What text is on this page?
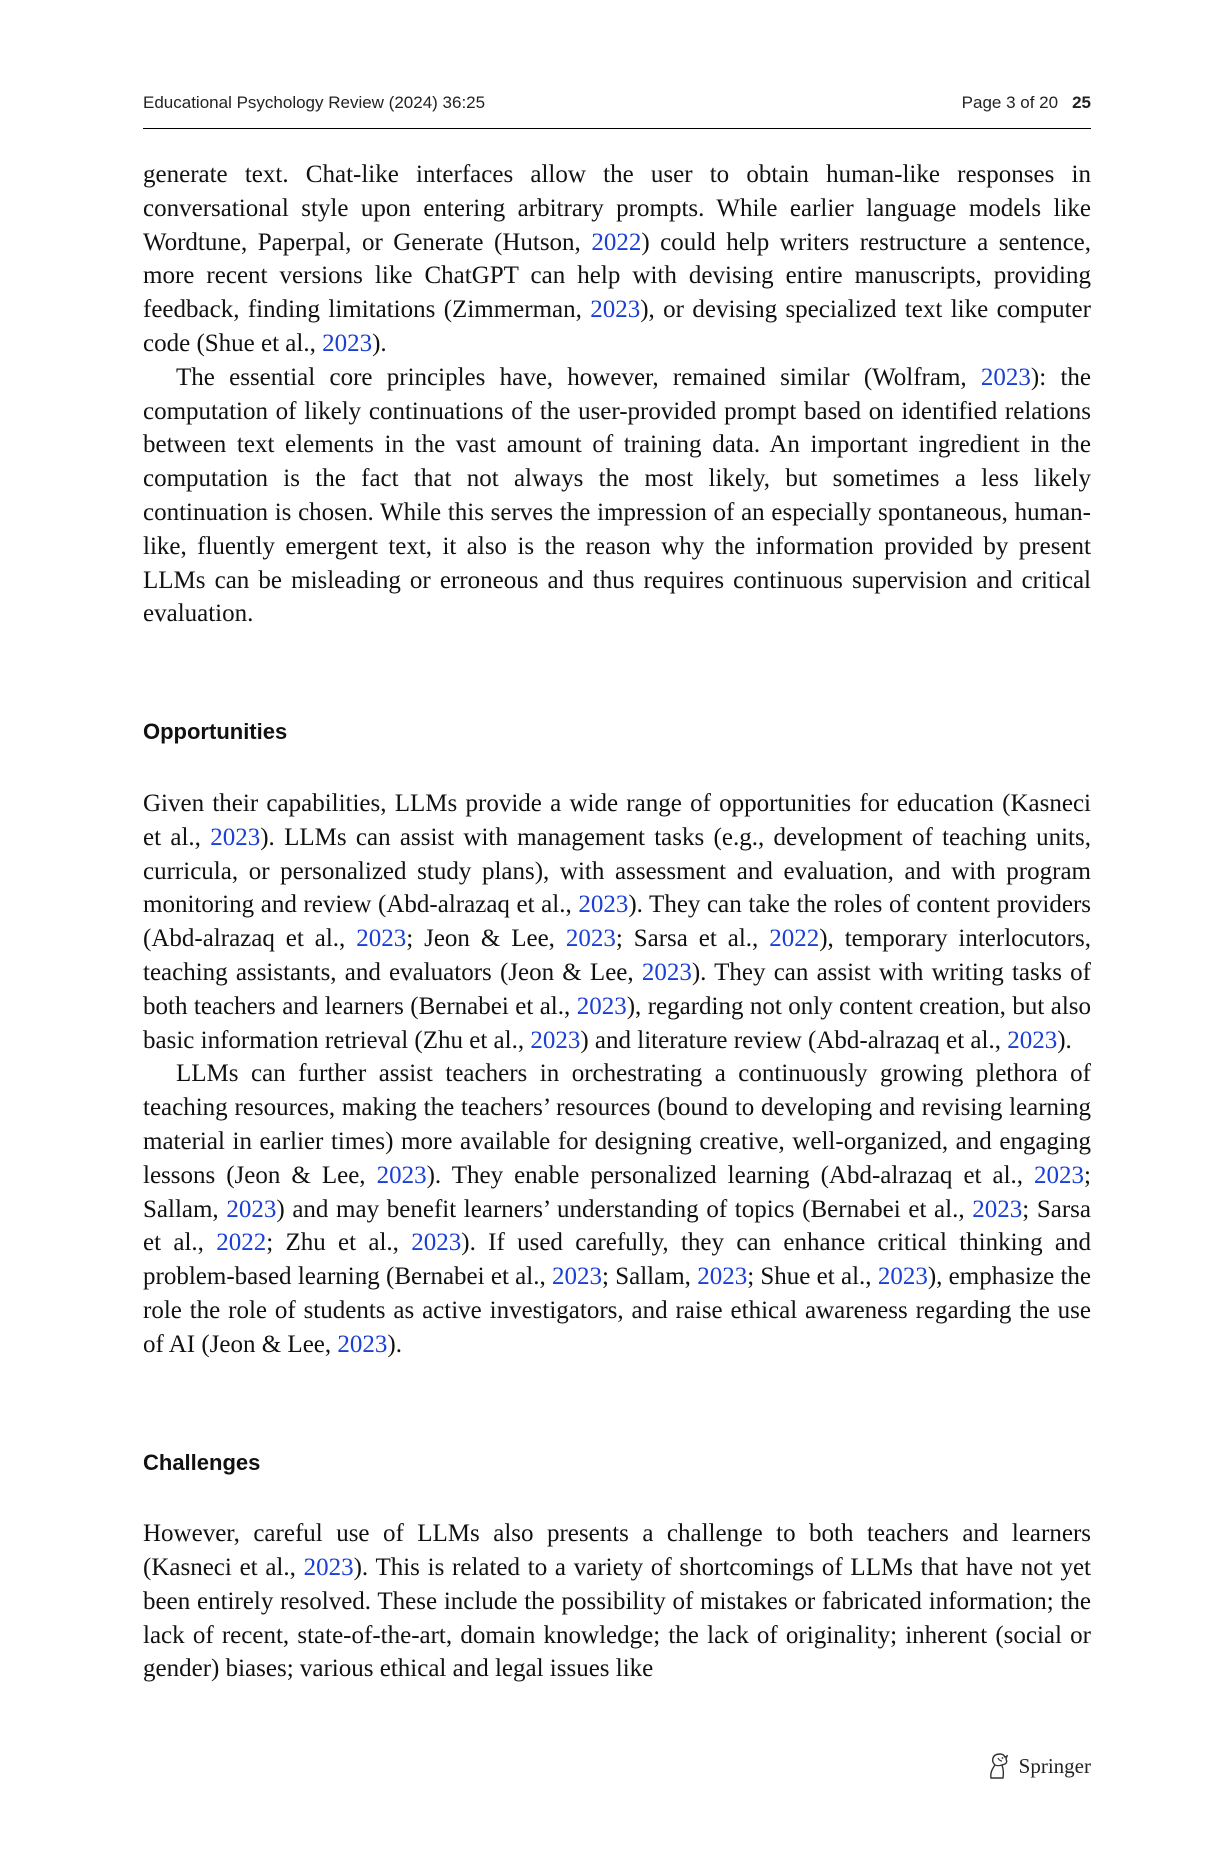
Educational Psychology Review (2024) 36:25	Page 3 of 20 25

generate text. Chat-like interfaces allow the user to obtain human-like responses in conversational style upon entering arbitrary prompts. While earlier language models like Wordtune, Paperpal, or Generate (Hutson, 2022) could help writers restructure a sentence, more recent versions like ChatGPT can help with devising entire manuscripts, providing feedback, finding limitations (Zimmerman, 2023), or devising specialized text like computer code (Shue et al., 2023).

The essential core principles have, however, remained similar (Wolfram, 2023): the computation of likely continuations of the user-provided prompt based on identified relations between text elements in the vast amount of training data. An important ingredient in the computation is the fact that not always the most likely, but sometimes a less likely continuation is chosen. While this serves the impression of an especially spontaneous, human-like, fluently emergent text, it also is the reason why the information provided by present LLMs can be misleading or erroneous and thus requires continuous supervision and critical evaluation.

Opportunities

Given their capabilities, LLMs provide a wide range of opportunities for education (Kasneci et al., 2023). LLMs can assist with management tasks (e.g., development of teaching units, curricula, or personalized study plans), with assessment and evaluation, and with program monitoring and review (Abd-alrazaq et al., 2023). They can take the roles of content providers (Abd-alrazaq et al., 2023; Jeon & Lee, 2023; Sarsa et al., 2022), temporary interlocutors, teaching assistants, and evaluators (Jeon & Lee, 2023). They can assist with writing tasks of both teachers and learners (Bernabei et al., 2023), regarding not only content creation, but also basic information retrieval (Zhu et al., 2023) and literature review (Abd-alrazaq et al., 2023).

LLMs can further assist teachers in orchestrating a continuously growing plethora of teaching resources, making the teachers’ resources (bound to developing and revising learning material in earlier times) more available for designing creative, well-organized, and engaging lessons (Jeon & Lee, 2023). They enable personalized learning (Abd-alrazaq et al., 2023; Sallam, 2023) and may benefit learners’ understanding of topics (Bernabei et al., 2023; Sarsa et al., 2022; Zhu et al., 2023). If used carefully, they can enhance critical thinking and problem-based learning (Bernabei et al., 2023; Sallam, 2023; Shue et al., 2023), emphasize the role the role of students as active investigators, and raise ethical awareness regarding the use of AI (Jeon & Lee, 2023).

Challenges

However, careful use of LLMs also presents a challenge to both teachers and learners (Kasneci et al., 2023). This is related to a variety of shortcomings of LLMs that have not yet been entirely resolved. These include the possibility of mistakes or fabricated information; the lack of recent, state-of-the-art, domain knowledge; the lack of originality; inherent (social or gender) biases; various ethical and legal issues like

Springer
